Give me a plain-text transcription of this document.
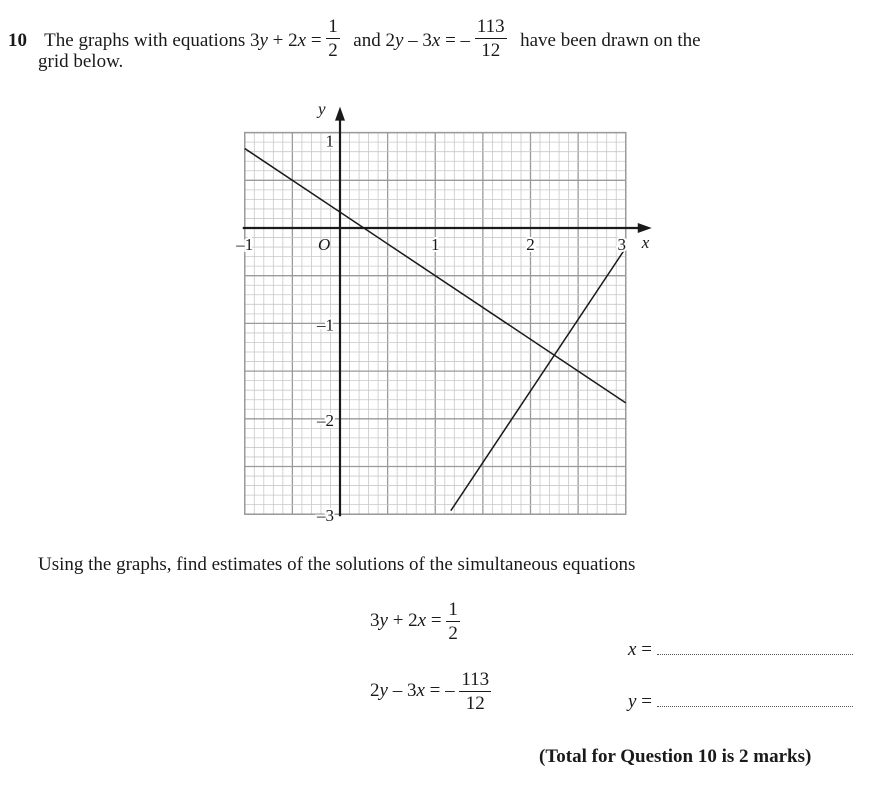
10 The graphs with equations $3y + 2x = \frac{1}{2}$ and 2y – 3x = – $\frac{113}{12}$ have been drawn on the
grid below.
–1	1	2	3
1
–1
–2
–3
O	x
y
Using the graphs, find estimates of the solutions of the simultaneous equations
$3y + 2x = \frac{1}{2}$
2y – 3x = – $\frac{113}{12}$
x =
y =
(Total for Question 10 is 2 marks)
